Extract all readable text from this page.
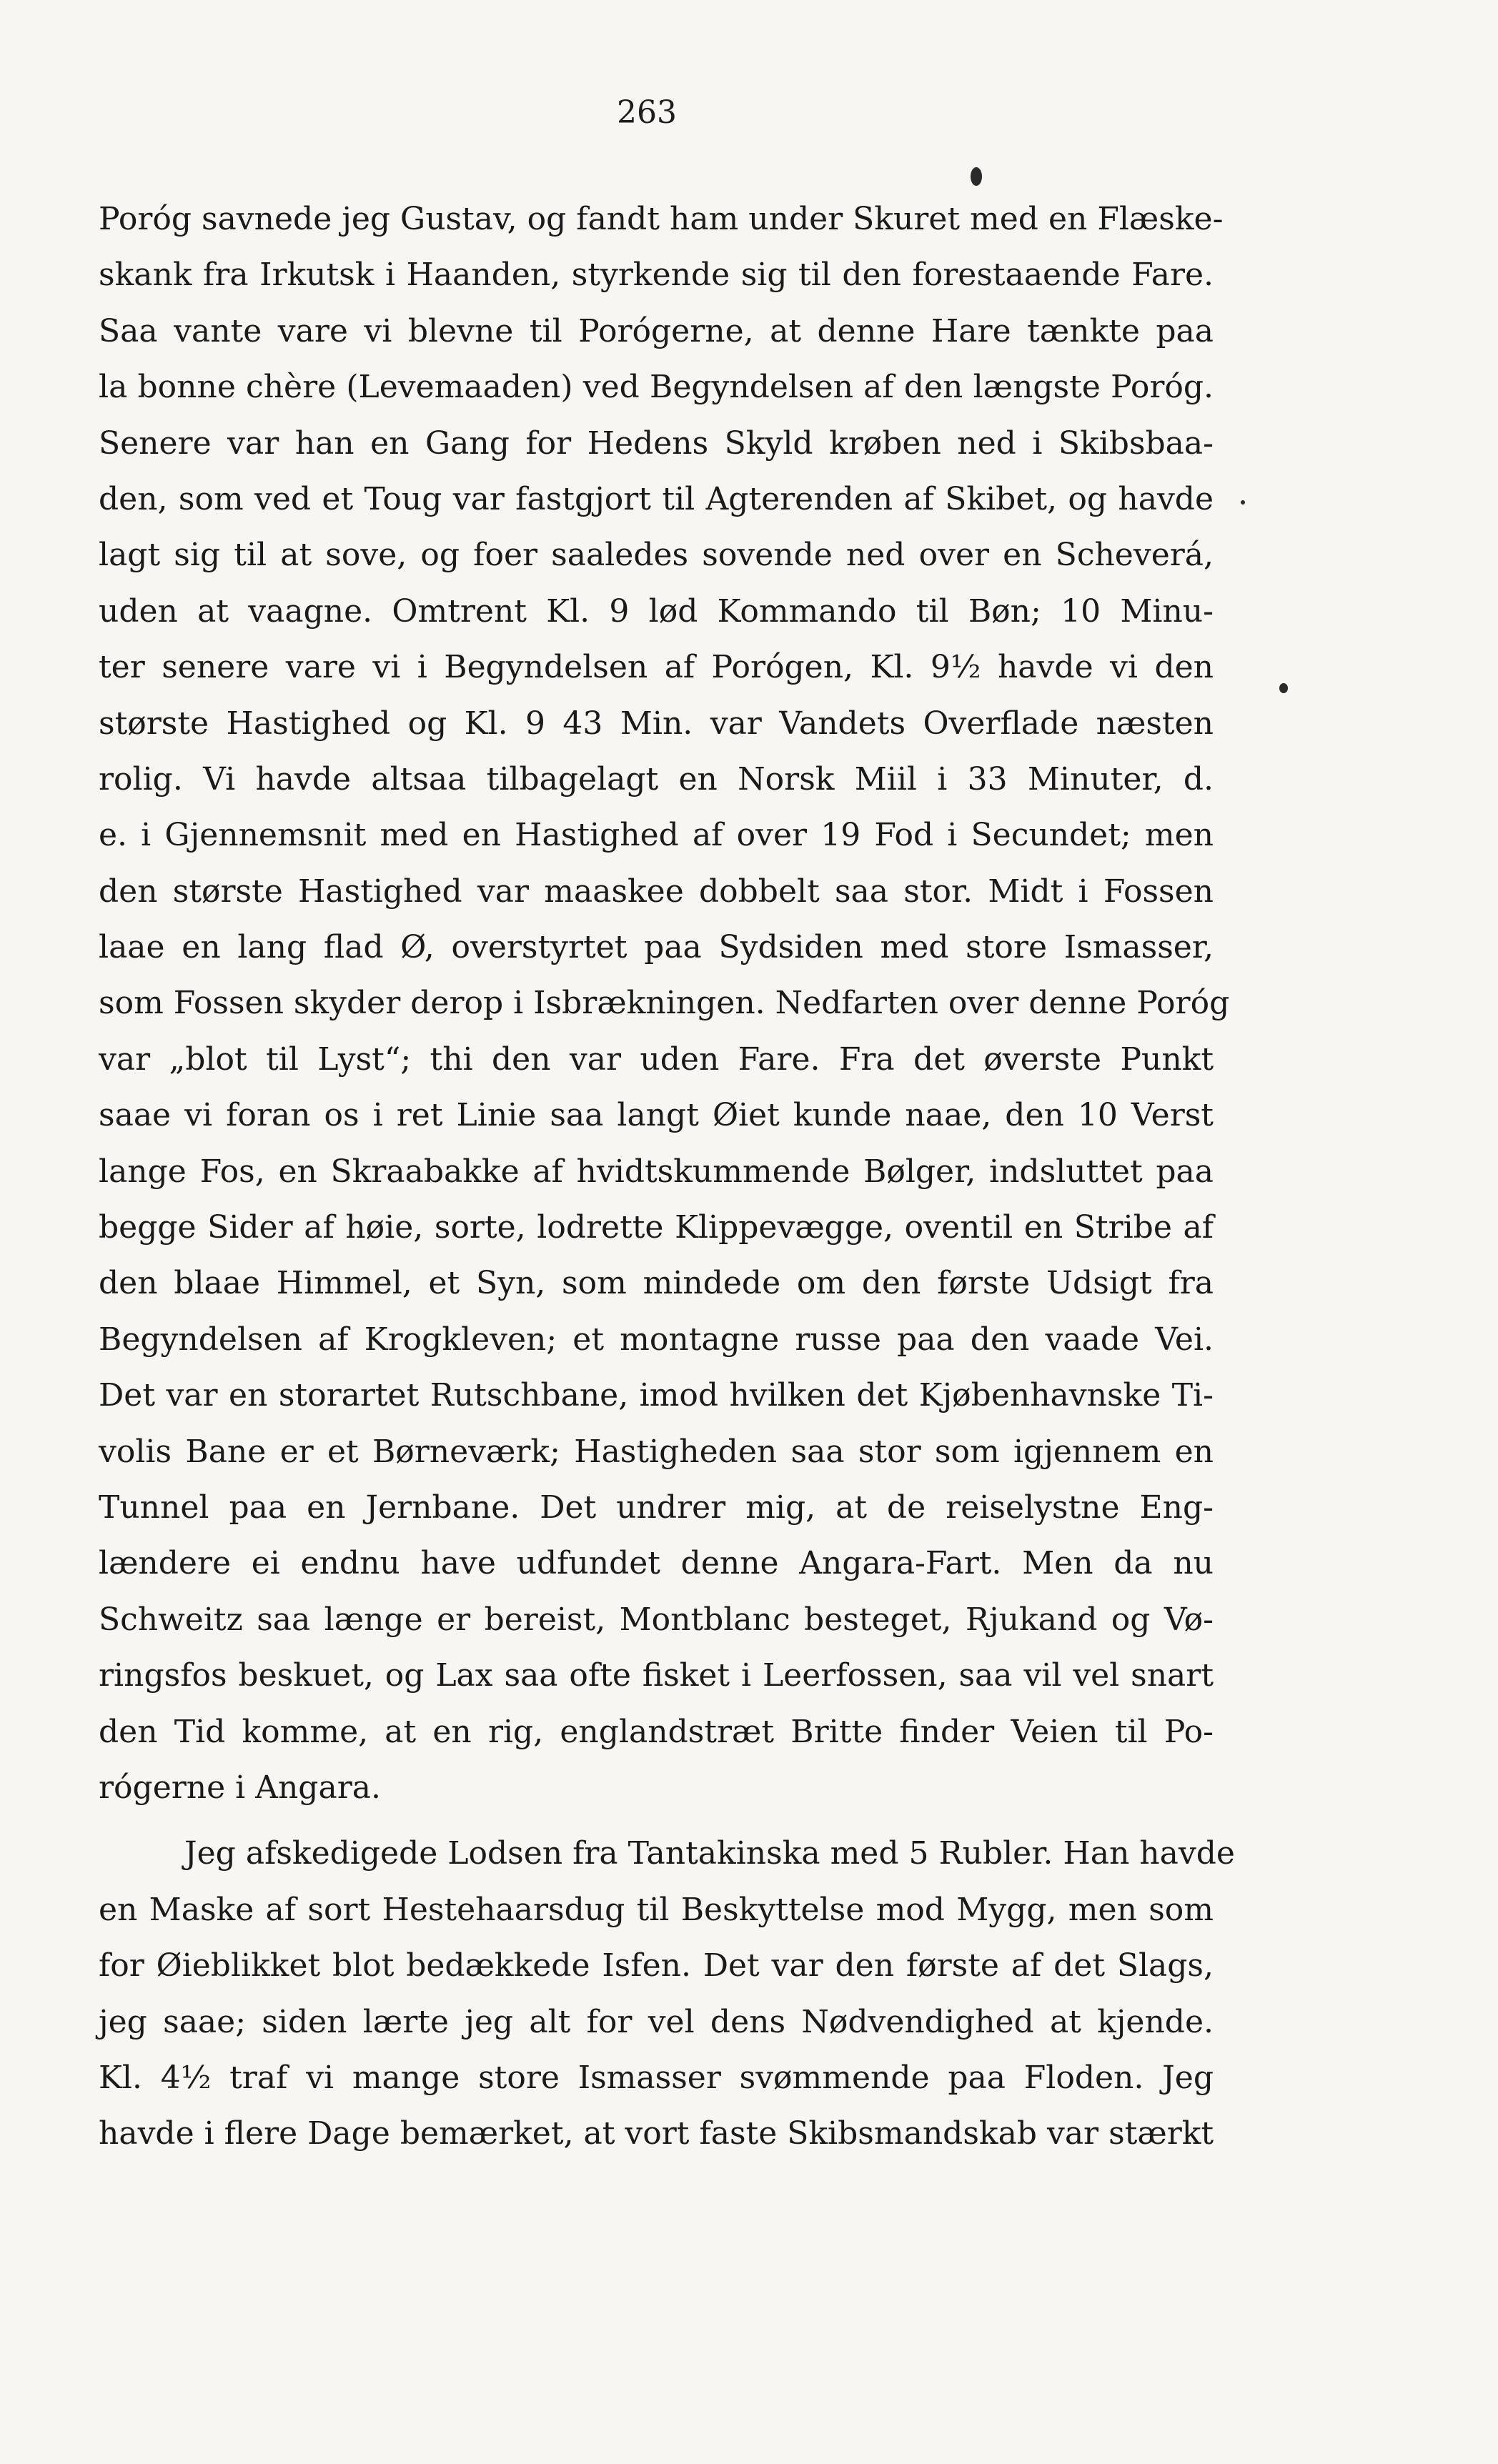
263
Poróg savnede jeg Gustav, og fandt ham under Skuret med en Flæske-
skank fra Irkutsk i Haanden, styrkende sig til den forestaaende Fare.
Saa vante vare vi blevne til Porógerne, at denne Hare tænkte paa
la bonne chère (Levemaaden) ved Begyndelsen af den længste Poróg.
Senere var han en Gang for Hedens Skyld krøben ned i Skibsbaa-
den, som ved et Toug var fastgjort til Agterenden af Skibet, og havde
lagt sig til at sove, og foer saaledes sovende ned over en Scheverá,
uden at vaagne. Omtrent Kl. 9 lød Kommando til Bøn; 10 Minu-
ter senere vare vi i Begyndelsen af Porógen, Kl. 9½ havde vi den
største Hastighed og Kl. 9 43 Min. var Vandets Overflade næsten
rolig. Vi havde altsaa tilbagelagt en Norsk Miil i 33 Minuter, d.
e. i Gjennemsnit med en Hastighed af over 19 Fod i Secundet; men
den største Hastighed var maaskee dobbelt saa stor. Midt i Fossen
laae en lang flad Ø, overstyrtet paa Sydsiden med store Ismasser,
som Fossen skyder derop i Isbrækningen. Nedfarten over denne Poróg
var „blot til Lyst“; thi den var uden Fare. Fra det øverste Punkt
saae vi foran os i ret Linie saa langt Øiet kunde naae, den 10 Verst
lange Fos, en Skraabakke af hvidtskummende Bølger, indsluttet paa
begge Sider af høie, sorte, lodrette Klippevægge, oventil en Stribe af
den blaae Himmel, et Syn, som mindede om den første Udsigt fra
Begyndelsen af Krogkleven; et montagne russe paa den vaade Vei.
Det var en storartet Rutschbane, imod hvilken det Kjøbenhavnske Ti-
volis Bane er et Børneværk; Hastigheden saa stor som igjennem en
Tunnel paa en Jernbane. Det undrer mig, at de reiselystne Eng-
lændere ei endnu have udfundet denne Angara-Fart. Men da nu
Schweitz saa længe er bereist, Montblanc besteget, Rjukand og Vø-
ringsfos beskuet, og Lax saa ofte fisket i Leerfossen, saa vil vel snart
den Tid komme, at en rig, englandstræt Britte finder Veien til Po-
rógerne i Angara.
Jeg afskedigede Lodsen fra Tantakinska med 5 Rubler. Han havde
en Maske af sort Hestehaarsdug til Beskyttelse mod Mygg, men som
for Øieblikket blot bedækkede Isfen. Det var den første af det Slags,
jeg saae; siden lærte jeg alt for vel dens Nødvendighed at kjende.
Kl. 4½ traf vi mange store Ismasser svømmende paa Floden. Jeg
havde i flere Dage bemærket, at vort faste Skibsmandskab var stærkt
